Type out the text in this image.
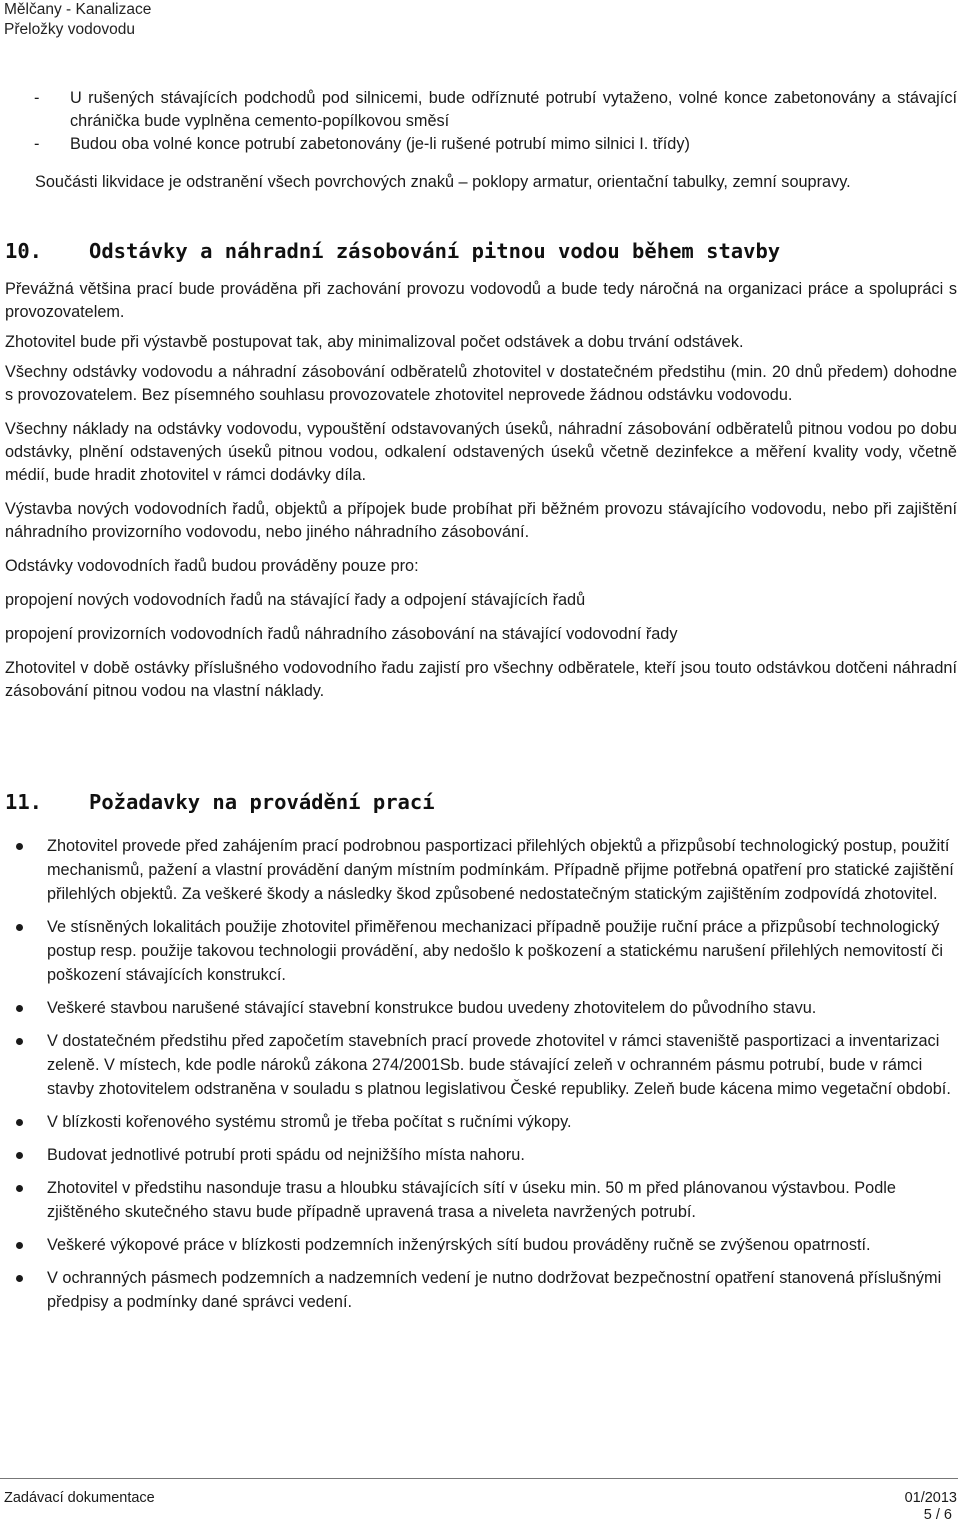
Mělčany - Kanalizace
Přeložky vodovodu
- U rušených stávajících podchodů pod silnicemi, bude odříznuté potrubí vytaženo, volné konce zabetonovány a stávající chránička bude vyplněna cemento-popílkovou směsí
- Budou oba volné konce potrubí zabetonovány (je-li rušené potrubí mimo silnici I. třídy)

Součásti likvidace je odstranění všech povrchových znaků – poklopy armatur, orientační tabulky, zemní soupravy.

10.	Odstávky a náhradní zásobování pitnou vodou během stavby

Převážná většina prací bude prováděna při zachování provozu vodovodů a bude tedy náročná na organizaci práce a spolupráci s provozovatelem.

Zhotovitel bude při výstavbě postupovat tak, aby minimalizoval počet odstávek a dobu trvání odstávek.

Všechny odstávky vodovodu a náhradní zásobování odběratelů zhotovitel v dostatečném předstihu (min. 20 dnů předem) dohodne s provozovatelem. Bez písemného souhlasu provozovatele zhotovitel neprovede žádnou odstávku vodovodu.

Všechny náklady na odstávky vodovodu, vypouštění odstavovaných úseků, náhradní zásobování odběratelů pitnou vodou po dobu odstávky, plnění odstavených úseků pitnou vodou, odkalení odstavených úseků včetně dezinfekce a měření kvality vody, včetně médií, bude hradit zhotovitel v rámci dodávky díla.

Výstavba nových vodovodních řadů, objektů a přípojek bude probíhat při běžném provozu stávajícího vodovodu, nebo při zajištění náhradního provizorního vodovodu, nebo jiného náhradního zásobování.

Odstávky vodovodních řadů budou prováděny pouze pro:

propojení nových vodovodních řadů na stávající řady a odpojení stávajících řadů

propojení provizorních vodovodních řadů náhradního zásobování na stávající vodovodní řady

Zhotovitel v době ostávky příslušného vodovodního řadu zajistí pro všechny odběratele, kteří jsou touto odstávkou dotčeni náhradní zásobování pitnou vodou na vlastní náklady.

11.	Požadavky na provádění prací
Zhotovitel provede před zahájením prací podrobnou pasportizaci přilehlých objektů a přizpůsobí technologický postup, použití mechanismů, pažení a vlastní provádění daným místním podmínkám. Případně přijme potřebná opatření pro statické zajištění přilehlých objektů. Za veškeré škody a následky škod způsobené nedostatečným statickým zajištěním zodpovídá zhotovitel.
Ve stísněných lokalitách použije zhotovitel přiměřenou mechanizaci případně použije ruční práce a přizpůsobí technologický postup resp. použije takovou technologii provádění, aby nedošlo k poškození a statickému narušení přilehlých nemovitostí či poškození stávajících konstrukcí.
Veškeré stavbou narušené stávající stavební konstrukce budou uvedeny zhotovitelem do původního stavu.
V dostatečném předstihu před započetím stavebních prací provede zhotovitel v rámci staveniště pasportizaci a inventarizaci zeleně. V místech, kde podle nároků zákona 274/2001Sb. bude stávající zeleň v ochranném pásmu potrubí, bude v rámci stavby zhotovitelem odstraněna v souladu s platnou legislativou České republiky. Zeleň bude kácena mimo vegetační období.
V blízkosti kořenového systému stromů je třeba počítat s ručními výkopy.
Budovat jednotlivé potrubí proti spádu od nejnižšího místa nahoru.
Zhotovitel v předstihu nasonduje trasu a hloubku stávajících sítí v úseku min. 50 m před plánovanou výstavbou. Podle zjištěného skutečného stavu bude případně upravená trasa a niveleta navržených potrubí.
Veškeré výkopové práce v blízkosti podzemních inženýrských sítí budou prováděny ručně se zvýšenou opatrností.
V ochranných pásmech podzemních a nadzemních vedení je nutno dodržovat bezpečnostní opatření stanovená příslušnými předpisy a podmínky dané správci vedení.
Zadávací dokumentace	01/2013
5 / 6
